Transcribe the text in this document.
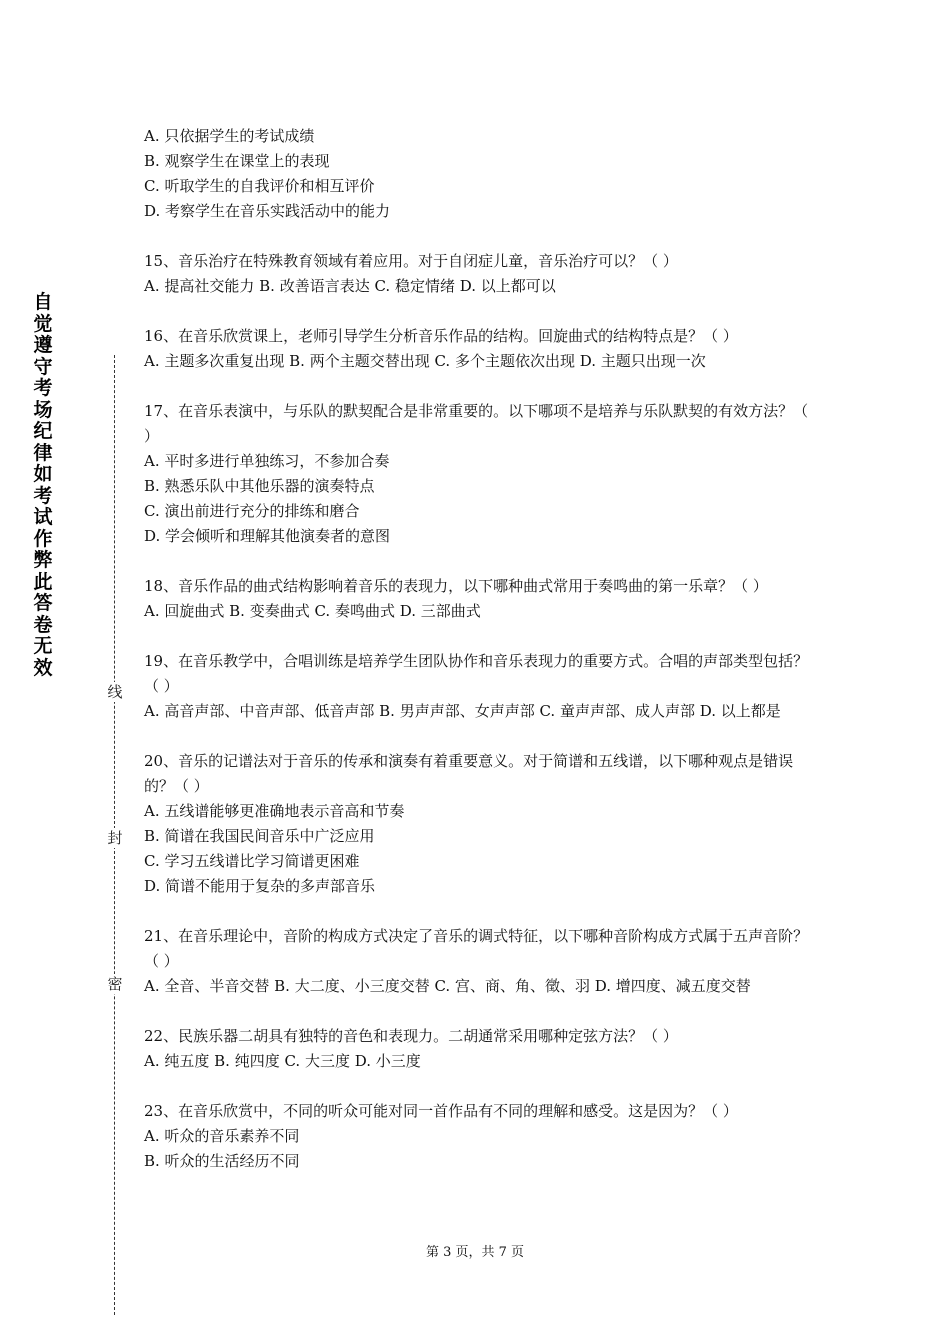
自觉遵守考场纪律如考试作弊此答卷无效
线
封
密
A. 只依据学生的考试成绩
B. 观察学生在课堂上的表现
C. 听取学生的自我评价和相互评价
D. 考察学生在音乐实践活动中的能力
15、音乐治疗在特殊教育领域有着应用。对于自闭症儿童，音乐治疗可以？（ ）
A. 提高社交能力 B. 改善语言表达 C. 稳定情绪 D. 以上都可以
16、在音乐欣赏课上，老师引导学生分析音乐作品的结构。回旋曲式的结构特点是？（ ）
A. 主题多次重复出现 B. 两个主题交替出现 C. 多个主题依次出现 D. 主题只出现一次
17、在音乐表演中，与乐队的默契配合是非常重要的。以下哪项不是培养与乐队默契的有效方法？（ ）
A. 平时多进行单独练习，不参加合奏
B. 熟悉乐队中其他乐器的演奏特点
C. 演出前进行充分的排练和磨合
D. 学会倾听和理解其他演奏者的意图
18、音乐作品的曲式结构影响着音乐的表现力，以下哪种曲式常用于奏鸣曲的第一乐章？（ ）
A. 回旋曲式 B. 变奏曲式 C. 奏鸣曲式 D. 三部曲式
19、在音乐教学中，合唱训练是培养学生团队协作和音乐表现力的重要方式。合唱的声部类型包括？（ ）
A. 高音声部、中音声部、低音声部 B. 男声声部、女声声部 C. 童声声部、成人声部 D. 以上都是
20、音乐的记谱法对于音乐的传承和演奏有着重要意义。对于简谱和五线谱，以下哪种观点是错误的？（ ）
A. 五线谱能够更准确地表示音高和节奏
B. 简谱在我国民间音乐中广泛应用
C. 学习五线谱比学习简谱更困难
D. 简谱不能用于复杂的多声部音乐
21、在音乐理论中，音阶的构成方式决定了音乐的调式特征，以下哪种音阶构成方式属于五声音阶？（ ）
A. 全音、半音交替 B. 大二度、小三度交替 C. 宫、商、角、徵、羽 D. 增四度、减五度交替
22、民族乐器二胡具有独特的音色和表现力。二胡通常采用哪种定弦方法？（ ）
A. 纯五度 B. 纯四度 C. 大三度 D. 小三度
23、在音乐欣赏中，不同的听众可能对同一首作品有不同的理解和感受。这是因为？（ ）
A. 听众的音乐素养不同
B. 听众的生活经历不同
第 3 页，共 7 页
